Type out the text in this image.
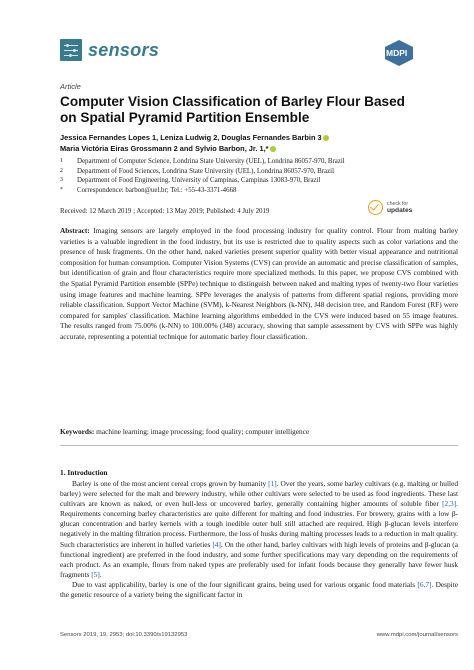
sensors	MDPI
Article
Computer Vision Classification of Barley Flour Based on Spatial Pyramid Partition Ensemble
Jessica Fernandes Lopes 1, Leniza Ludwig 2, Douglas Fernandes Barbin 3
Maria Victória Eiras Grossmann 2 and Sylvio Barbon, Jr. 1,*
1	Department of Computer Science, Londrina State University (UEL), Londrina 86057-970, Brazil
2	Department of Food Sciences, Londrina State University (UEL), Londrina 86057-970, Brazil
3	Department of Food Engineering, University of Campinas, Campinas 13083-970, Brazil
*	Correspondence: barbon@uel.br; Tel.: +55-43-3371-4668
Received: 12 March 2019 ; Accepted: 13 May 2019; Published: 4 July 2019
check for
updates
Abstract: Imaging sensors are largely employed in the food processing industry for quality control. Flour from malting barley varieties is a valuable ingredient in the food industry, but its use is restricted due to quality aspects such as color variations and the presence of husk fragments. On the other hand, naked varieties present superior quality with better visual appearance and nutritional composition for human consumption. Computer Vision Systems (CVS) can provide an automatic and precise classification of samples, but identification of grain and flour characteristics require more specialized methods. In this paper, we propose CVS combined with the Spatial Pyramid Partition ensemble (SPPe) technique to distinguish between naked and malting types of twenty-two flour varieties using image features and machine learning. SPPe leverages the analysis of patterns from different spatial regions, providing more reliable classification. Support Vector Machine (SVM), k-Nearest Neighbors (k-NN), J48 decision tree, and Random Forest (RF) were compared for samples' classification. Machine learning algorithms embedded in the CVS were induced based on 55 image features. The results ranged from 75.00% (k-NN) to 100.00% (J48) accuracy, showing that sample assessment by CVS with SPPe was highly accurate, representing a potential technique for automatic barley flour classification.
Keywords: machine learning; image processing; food quality; computer intelligence
1. Introduction

Barley is one of the most ancient cereal crops grown by humanity [1]. Over the years, some barley cultivars (e.g. malting or hulled barley) were selected for the malt and brewery industry, while other cultivars were selected to be used as food ingredients. These last cultivars are known as naked, or even hull-less or uncovered barley, generally containing higher amounts of soluble fiber [2,3]. Requirements concerning barley characteristics are quite different for malting and food industries. For brewery, grains with a low β-glucan concentration and barley kernels with a tough inedible outer hull still attached are required. High β-glucan levels interfere negatively in the malting filtration process. Furthermore, the loss of husks during malting processes leads to a reduction in malt quality. Such characteristics are inherent in hulled varieties [4]. On the other hand, barley cultivars with high levels of proteins and β-glucan (a functional ingredient) are preferred in the food industry, and some further specifications may vary depending on the requirements of each product. As an example, flours from naked types are preferably used for infant foods because they generally have fewer husk fragments [5].

Due to vast applicability, barley is one of the four significant grains, being used for various organic food materials [6,7]. Despite the genetic resource of a variety being the significant factor in

Sensors 2019, 19, 2953; doi:10.3390/s19132953	www.mdpi.com/journal/sensors
